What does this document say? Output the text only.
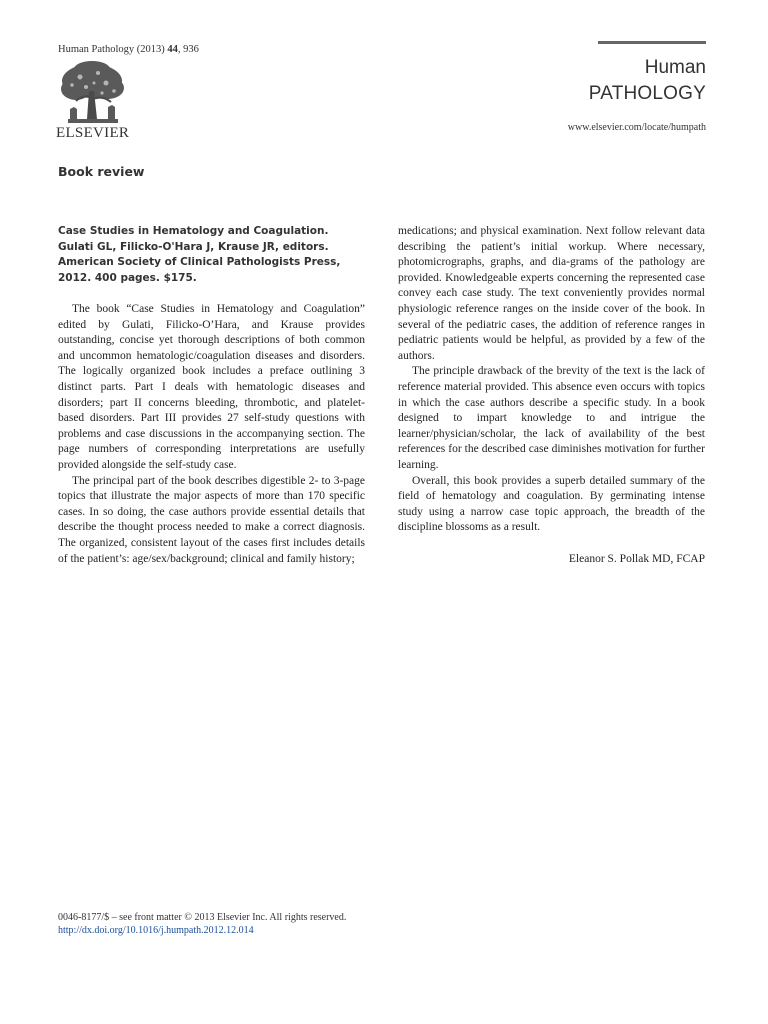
Human Pathology (2013) 44, 936
ELSEVIER
Human
PATHOLOGY
www.elsevier.com/locate/humpath
Book review

Case Studies in Hematology and Coagulation. Gulati GL, Filicko-O'Hara J, Krause JR, editors. American Society of Clinical Pathologists Press, 2012. 400 pages. $175.

The book “Case Studies in Hematology and Coagulation” edited by Gulati, Filicko-O’Hara, and Krause provides outstanding, concise yet thorough descriptions of both common and uncommon hematologic/coagulation diseases and disorders. The logically organized book includes a preface outlining 3 distinct parts. Part I deals with hematologic diseases and disorders; part II concerns bleeding, thrombotic, and platelet-based disorders. Part III provides 27 self-study questions with problems and case discussions in the accompanying section. The page numbers of corresponding interpretations are usefully provided alongside the self-study case.

The principal part of the book describes digestible 2- to 3-page topics that illustrate the major aspects of more than 170 specific cases. In so doing, the case authors provide essential details that describe the thought process needed to make a correct diagnosis. The organized, consistent layout of the cases first includes details of the patient’s: age/sex/background; clinical and family history;

medications; and physical examination. Next follow relevant data describing the patient’s initial workup. Where necessary, photomicrographs, graphs, and dia-grams of the pathology are provided. Knowledgeable experts concerning the represented case convey each case study. The text conveniently provides normal physiologic reference ranges on the inside cover of the book. In several of the pediatric cases, the addition of reference ranges in pediatric patients would be helpful, as provided by a few of the authors.

The principle drawback of the brevity of the text is the lack of reference material provided. This absence even occurs with topics in which the case authors describe a specific study. In a book designed to impart knowledge to and intrigue the learner/physician/scholar, the lack of availability of the best references for the described case diminishes motivation for further learning.

Overall, this book provides a superb detailed summary of the field of hematology and coagulation. By germinating intense study using a narrow case topic approach, the breadth of the discipline blossoms as a result.

Eleanor S. Pollak MD, FCAP

0046-8177/$ – see front matter © 2013 Elsevier Inc. All rights reserved.
http://dx.doi.org/10.1016/j.humpath.2012.12.014
